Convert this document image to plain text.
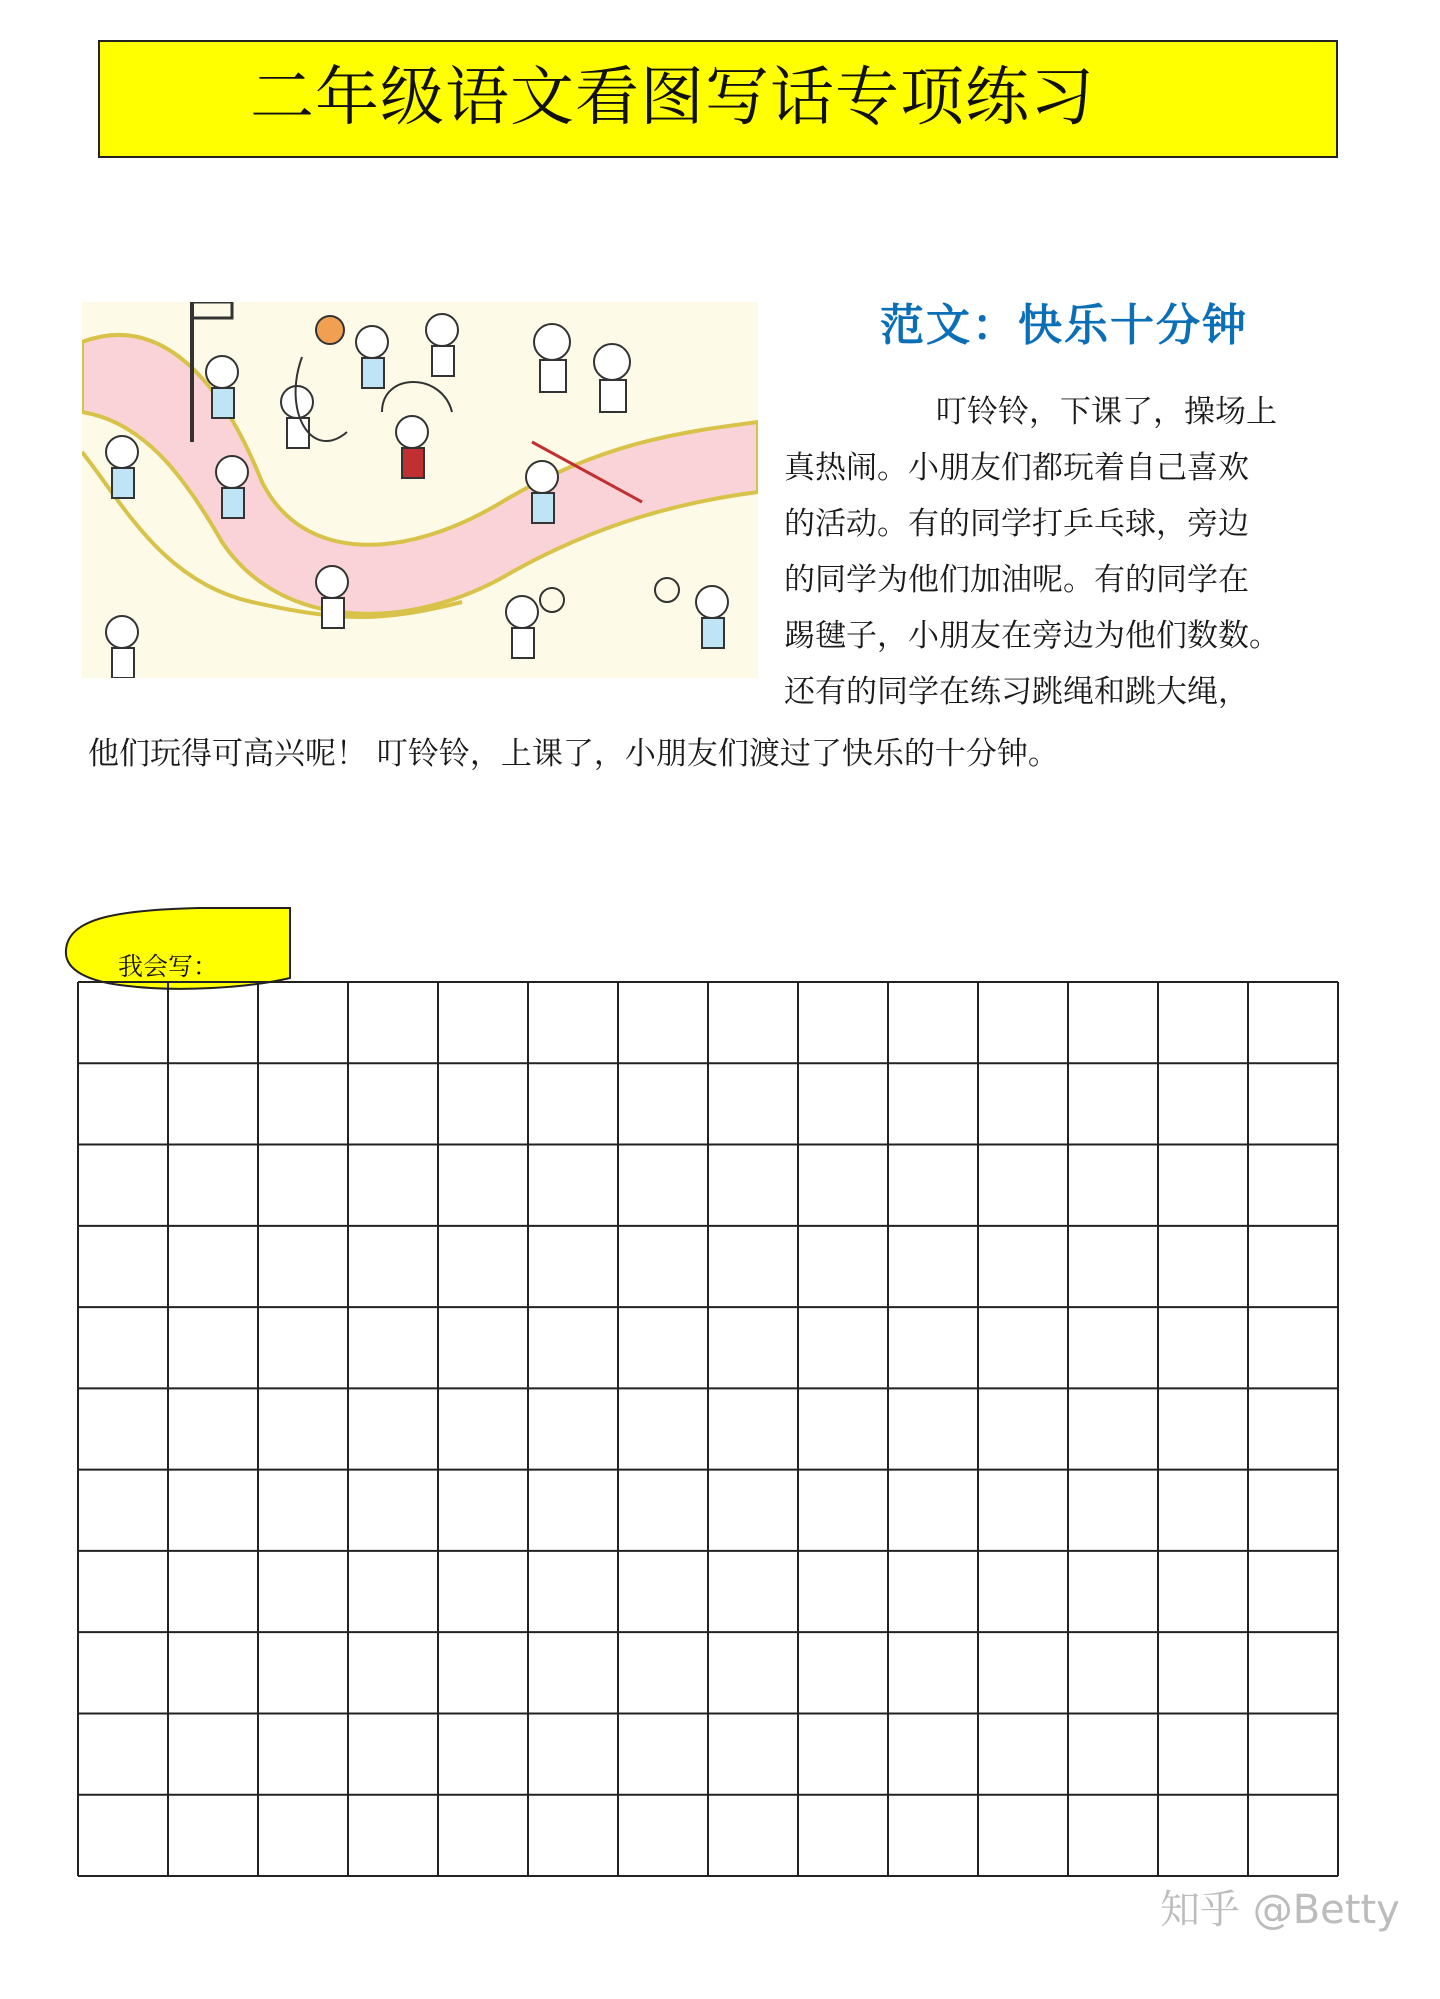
二年级语文看图写话专项练习
范文：快乐十分钟
叮铃铃，下课了，操场上
真热闹。小朋友们都玩着自己喜欢
的活动。有的同学打乒乓球，旁边
的同学为他们加油呢。有的同学在
踢毽子，小朋友在旁边为他们数数。
还有的同学在练习跳绳和跳大绳，
他们玩得可高兴呢！ 叮铃铃，上课了，小朋友们渡过了快乐的十分钟。
我会写：
知乎 @Betty
